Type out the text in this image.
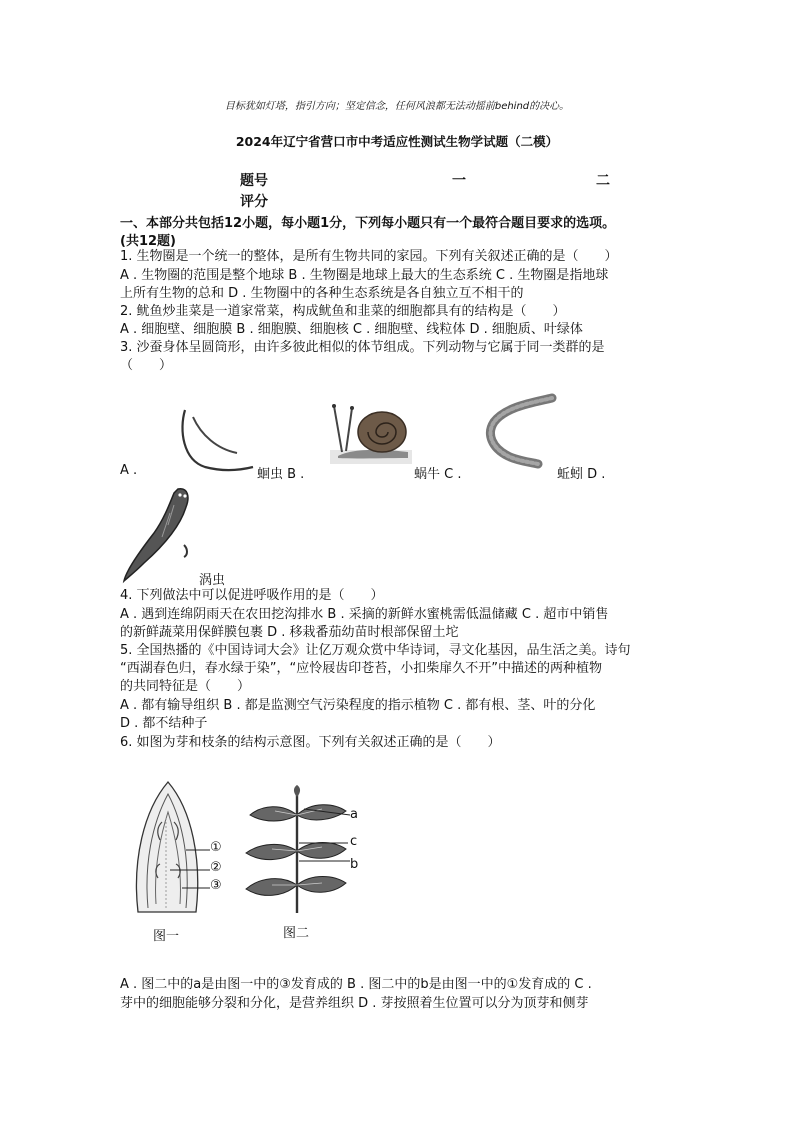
目标犹如灯塔，指引方向；坚定信念，任何风浪都无法动摇前behind的决心。
2024年辽宁省营口市中考适应性测试生物学试题（二模）
题号	一	二
评分
一、本部分共包括12小题，每小题1分，下列每小题只有一个最符合题目要求的选项。
(共12题)
1. 生物圈是一个统一的整体，是所有生物共同的家园。下列有关叙述正确的是（　　）
A . 生物圈的范围是整个地球 B . 生物圈是地球上最大的生态系统 C . 生物圈是指地球
上所有生物的总和 D . 生物圈中的各种生态系统是各自独立互不相干的
2. 鱿鱼炒韭菜是一道家常菜，构成鱿鱼和韭菜的细胞都具有的结构是（　　）
A . 细胞壁、细胞膜 B . 细胞膜、细胞核 C . 细胞壁、线粒体 D . 细胞质、叶绿体
3. 沙蚕身体呈圆筒形，由许多彼此相似的体节组成。下列动物与它属于同一类群的是
（　　）
A .	蛔虫 B .	蜗牛 C .	蚯蚓 D .
涡虫
4. 下列做法中可以促进呼吸作用的是（　　）
A . 遇到连绵阴雨天在农田挖沟排水 B . 采摘的新鲜水蜜桃需低温储藏 C . 超市中销售
的新鲜蔬菜用保鲜膜包裹 D . 移栽番茄幼苗时根部保留土坨
5. 全国热播的《中国诗词大会》让亿万观众赏中华诗词，寻文化基因，品生活之美。诗句
“西湖春色归，春水绿于染”，“应怜屐齿印苍苔，小扣柴扉久不开”中描述的两种植物
的共同特征是（　　）
A . 都有输导组织 B . 都是监测空气污染程度的指示植物 C . 都有根、茎、叶的分化
D . 都不结种子
6. 如图为芽和枝条的结构示意图。下列有关叙述正确的是（　　）
①
②
③
图一
a
c
b
图二
A . 图二中的a是由图一中的③发育成的 B . 图二中的b是由图一中的①发育成的 C .
芽中的细胞能够分裂和分化，是营养组织 D . 芽按照着生位置可以分为顶芽和侧芽
